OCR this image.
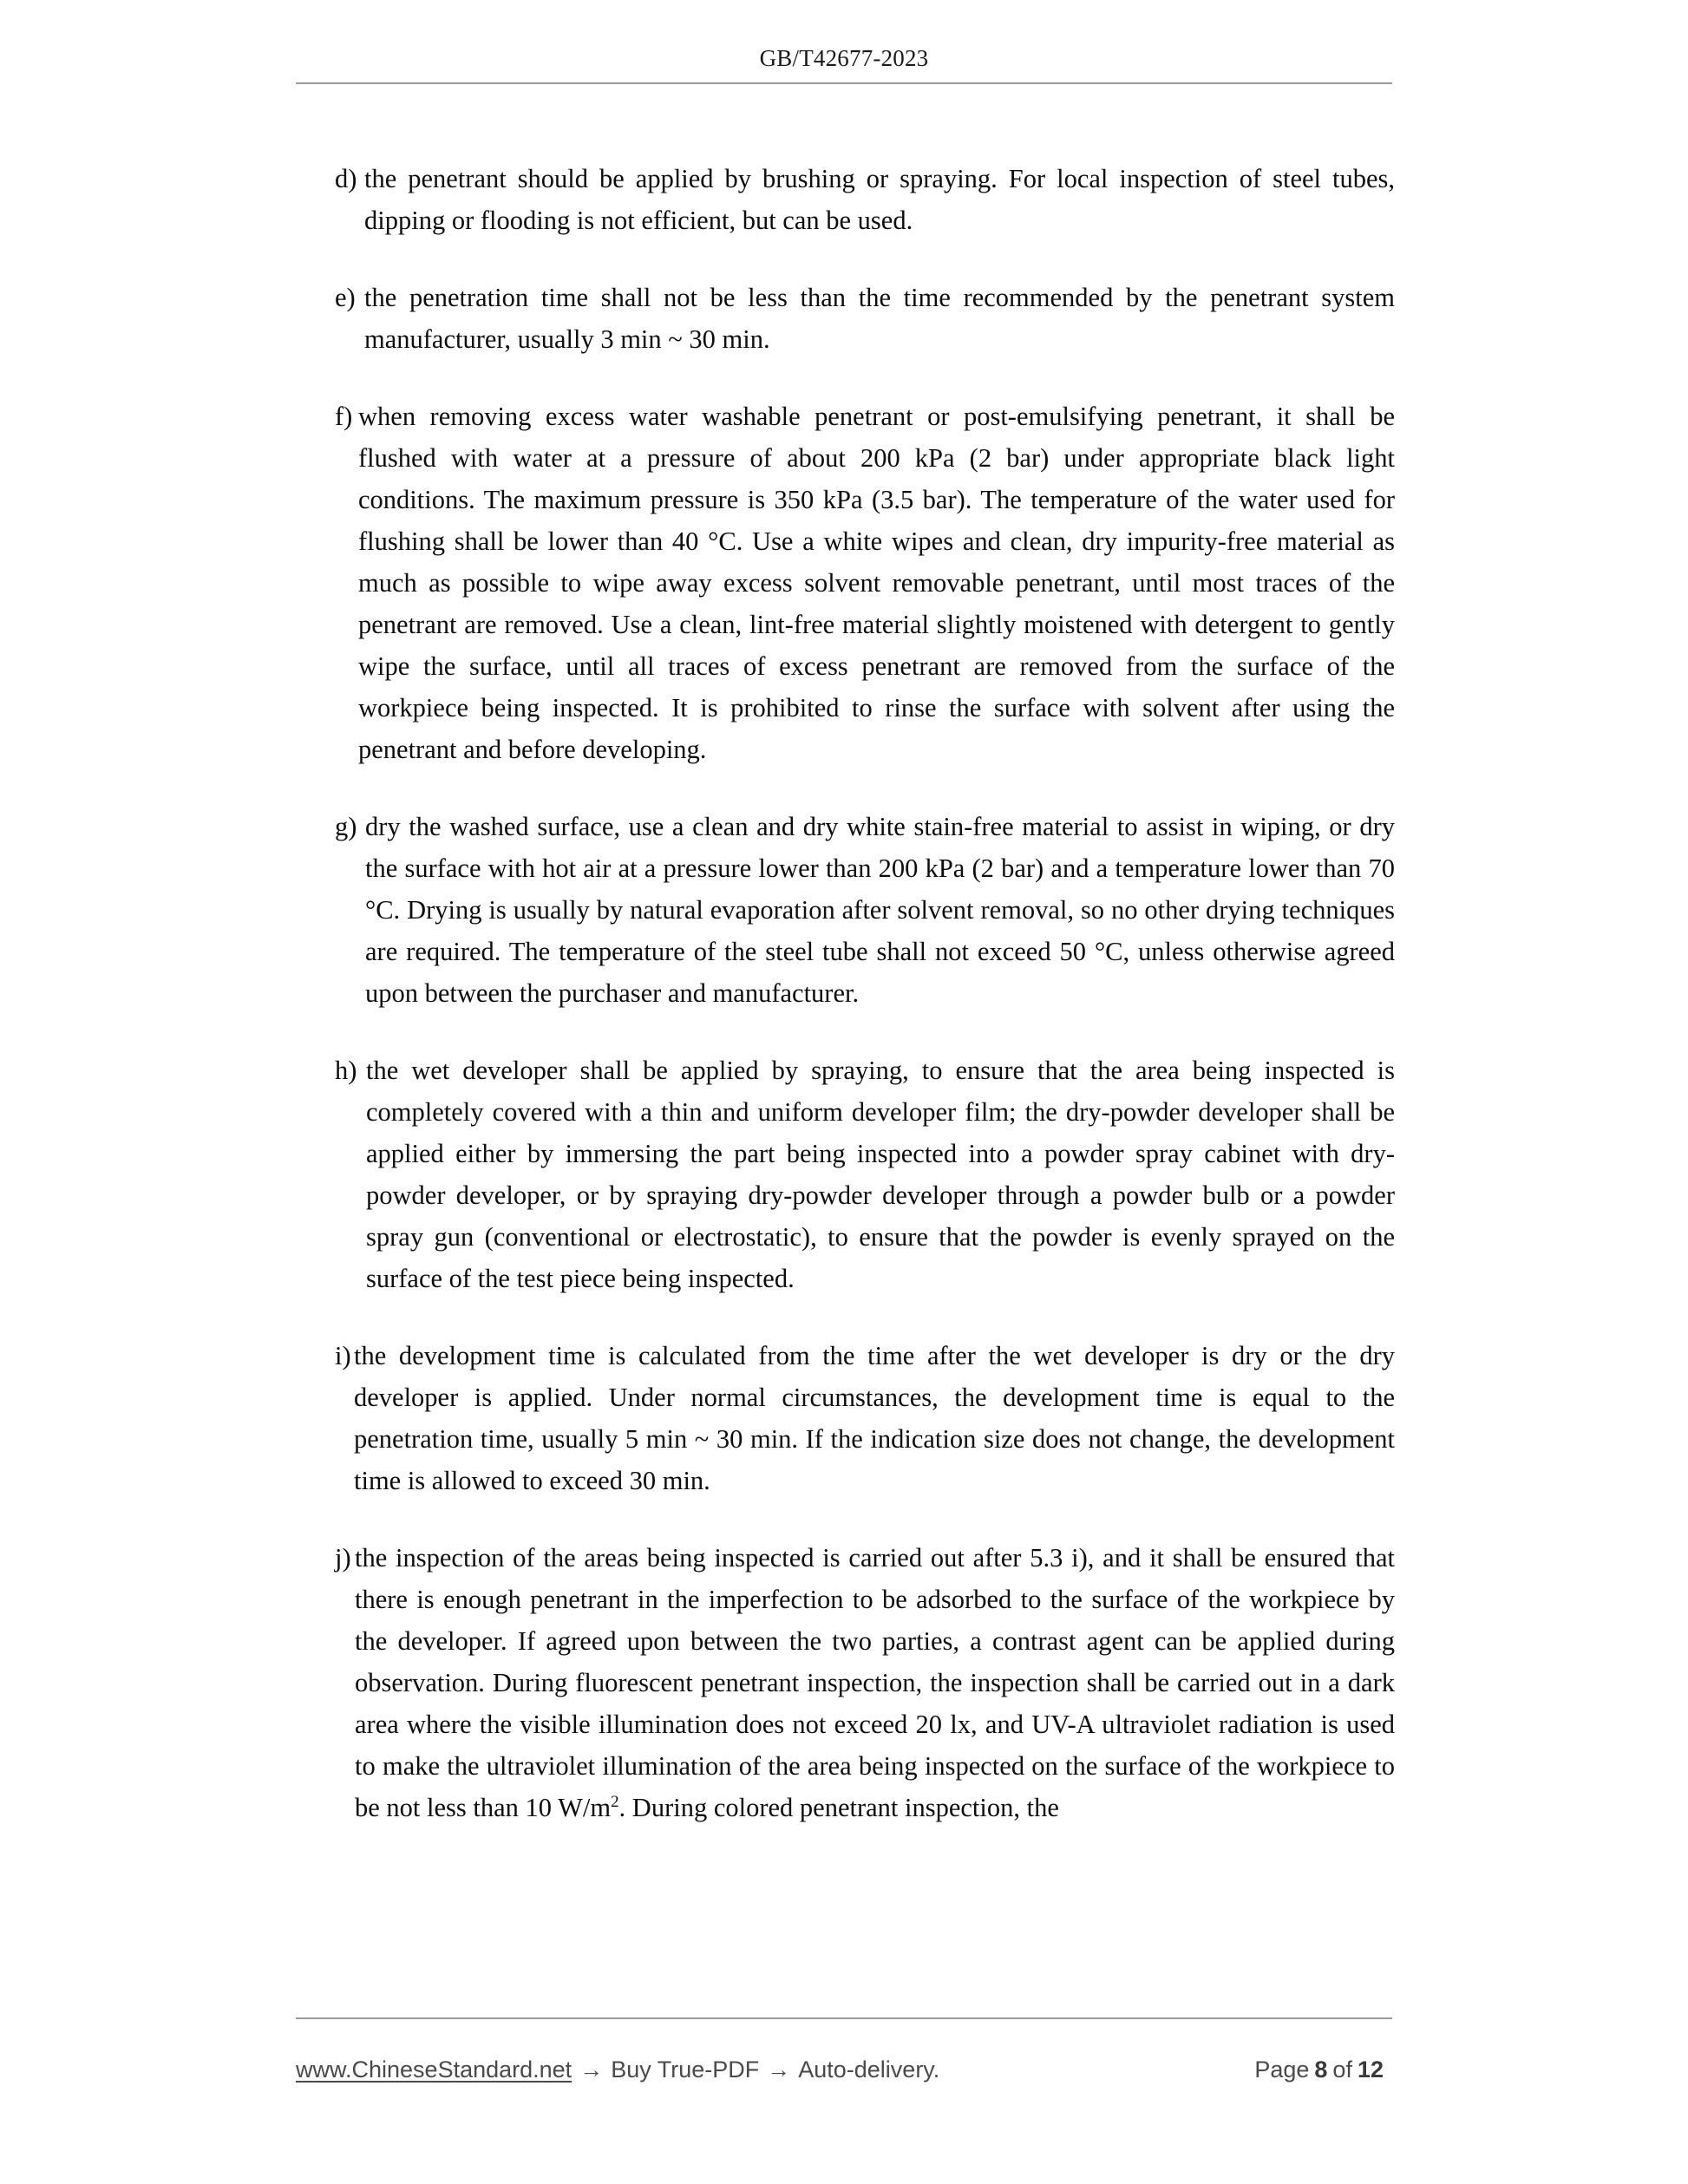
GB/T42677-2023
d) the penetrant should be applied by brushing or spraying. For local inspection of steel tubes, dipping or flooding is not efficient, but can be used.
e) the penetration time shall not be less than the time recommended by the penetrant system manufacturer, usually 3 min ~ 30 min.
f) when removing excess water washable penetrant or post-emulsifying penetrant, it shall be flushed with water at a pressure of about 200 kPa (2 bar) under appropriate black light conditions. The maximum pressure is 350 kPa (3.5 bar). The temperature of the water used for flushing shall be lower than 40 °C. Use a white wipes and clean, dry impurity-free material as much as possible to wipe away excess solvent removable penetrant, until most traces of the penetrant are removed. Use a clean, lint-free material slightly moistened with detergent to gently wipe the surface, until all traces of excess penetrant are removed from the surface of the workpiece being inspected. It is prohibited to rinse the surface with solvent after using the penetrant and before developing.
g) dry the washed surface, use a clean and dry white stain-free material to assist in wiping, or dry the surface with hot air at a pressure lower than 200 kPa (2 bar) and a temperature lower than 70 °C. Drying is usually by natural evaporation after solvent removal, so no other drying techniques are required. The temperature of the steel tube shall not exceed 50 °C, unless otherwise agreed upon between the purchaser and manufacturer.
h) the wet developer shall be applied by spraying, to ensure that the area being inspected is completely covered with a thin and uniform developer film; the dry-powder developer shall be applied either by immersing the part being inspected into a powder spray cabinet with dry-powder developer, or by spraying dry-powder developer through a powder bulb or a powder spray gun (conventional or electrostatic), to ensure that the powder is evenly sprayed on the surface of the test piece being inspected.
i) the development time is calculated from the time after the wet developer is dry or the dry developer is applied. Under normal circumstances, the development time is equal to the penetration time, usually 5 min ~ 30 min. If the indication size does not change, the development time is allowed to exceed 30 min.
j) the inspection of the areas being inspected is carried out after 5.3 i), and it shall be ensured that there is enough penetrant in the imperfection to be adsorbed to the surface of the workpiece by the developer. If agreed upon between the two parties, a contrast agent can be applied during observation. During fluorescent penetrant inspection, the inspection shall be carried out in a dark area where the visible illumination does not exceed 20 lx, and UV-A ultraviolet radiation is used to make the ultraviolet illumination of the area being inspected on the surface of the workpiece to be not less than 10 $W/m^2$. During colored penetrant inspection, the
www.ChineseStandard.net → Buy True-PDF → Auto-delivery.	Page 8 of 12
